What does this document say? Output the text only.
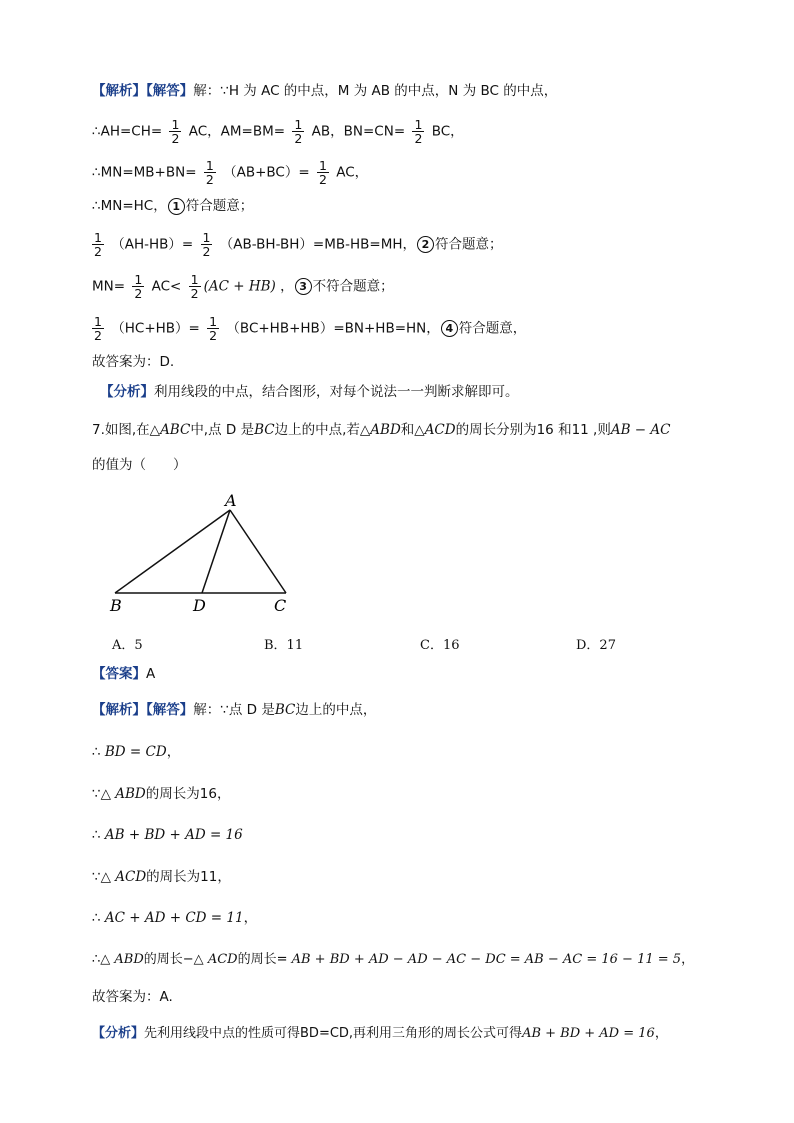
【解析】【解答】解：∵H 为 AC 的中点，M 为 AB 的中点，N 为 BC 的中点，
∴AH=CH= $\frac{1}{2}$ AC，$AM=BM= \frac{1}{2}$ AB，$BN=CN= \frac{1}{2}$ BC，
∴MN=MB+BN= $\frac{1}{2} (AB+BC)= \frac{1}{2}$ AC，
∴MN=HC， 1 符合题意；
$\frac{1}{2} (AH-HB)= \frac{1}{2} (AB-BH-BH)=MB-HB=MH$， 2 符合题意；
$MN= \frac{1}{2} AC< \frac{1}{2} (AC + HB)$ ， 3 不符合题意；
$\frac{1}{2} (HC+HB)= \frac{1}{2} (BC+HB+HB)=BN+HB=HN$， 4 符合题意，
故答案为：D.
【分析】利用线段的中点，结合图形，对每个说法一一判断求解即可。
7.如图,在△ABC中,点 D 是BC边上的中点,若△ABD和△ACD的周长分别为16 和11 ,则AB − AC
的值为（　　）
A
B	D	C
A．5	B．11	C．16	D．27
【答案】A
【解析】【解答】解：∵点 D 是BC边上的中点，
∴ BD = CD，
∵△ ABD的周长为16，
∴ AB + BD + AD = 16
∵△ ACD的周长为11，
∴ AC + AD + CD = 11，
∴△ ABD的周长−△ ACD的周长= AB + BD + AD − AD − AC − DC = AB − AC = 16 − 11 = 5，
故答案为：A.
【分析】先利用线段中点的性质可得BD=CD,再利用三角形的周长公式可得AB + BD + AD = 16，
